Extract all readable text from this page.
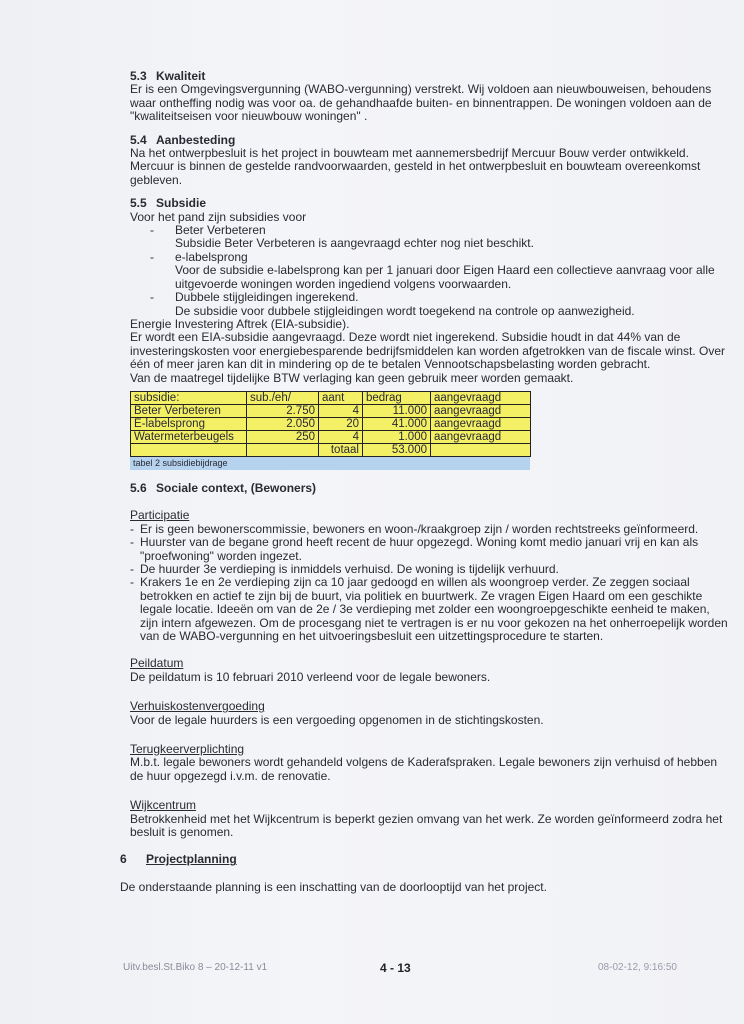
5.3 Kwaliteit
Er is een Omgevingsvergunning (WABO-vergunning) verstrekt. Wij voldoen aan nieuwbouweisen, behoudens waar ontheffing nodig was voor oa. de gehandhaafde buiten- en binnentrappen. De woningen voldoen aan de "kwaliteitseisen voor nieuwbouw woningen" .
5.4 Aanbesteding
Na het ontwerpbesluit is het project in bouwteam met aannemersbedrijf Mercuur Bouw verder ontwikkeld. Mercuur is binnen de gestelde randvoorwaarden, gesteld in het ontwerpbesluit en bouwteam overeenkomst gebleven.
5.5 Subsidie
Voor het pand zijn subsidies voor
- Beter Verbeteren
Subsidie Beter Verbeteren is aangevraagd echter nog niet beschikt.
- e-labelsprong
Voor de subsidie e-labelsprong kan per 1 januari door Eigen Haard een collectieve aanvraag voor alle uitgevoerde woningen worden ingediend volgens voorwaarden.
- Dubbele stijgleidingen ingerekend.
De subsidie voor dubbele stijgleidingen wordt toegekend na controle op aanwezigheid.
Energie Investering Aftrek (EIA-subsidie).
Er wordt een EIA-subsidie aangevraagd. Deze wordt niet ingerekend. Subsidie houdt in dat 44% van de investeringskosten voor energiebesparende bedrijfsmiddelen kan worden afgetrokken van de fiscale winst. Over één of meer jaren kan dit in mindering op de te betalen Vennootschapsbelasting worden gebracht.
Van de maatregel tijdelijke BTW verlaging kan geen gebruik meer worden gemaakt.
subsidie:	sub./eh/	aant	bedrag	aangevraagd
Beter Verbeteren	2.750	4	11.000	aangevraagd
E-labelsprong	2.050	20	41.000	aangevraagd
Watermeterbeugels	250	4	1.000	aangevraagd
		totaal	53.000	
tabel 2 subsidiebijdrage
5.6 Sociale context, (Bewoners)
Participatie
- Er is geen bewonerscommissie, bewoners en woon-/kraakgroep zijn / worden rechtstreeks geïnformeerd.
- Huurster van de begane grond heeft recent de huur opgezegd. Woning komt medio januari vrij en kan als "proefwoning" worden ingezet.
- De huurder 3e verdieping is inmiddels verhuisd. De woning is tijdelijk verhuurd.
- Krakers 1e en 2e verdieping zijn ca 10 jaar gedoogd en willen als woongroep verder. Ze zeggen sociaal betrokken en actief te zijn bij de buurt, via politiek en buurtwerk. Ze vragen Eigen Haard om een geschikte legale locatie. Ideeën om van de 2e / 3e verdieping met zolder een woongroepgeschikte eenheid te maken, zijn intern afgewezen. Om de procesgang niet te vertragen is er nu voor gekozen na het onherroepelijk worden van de WABO-vergunning en het uitvoeringsbesluit een uitzettingsprocedure te starten.
Peildatum
De peildatum is 10 februari 2010 verleend voor de legale bewoners.
Verhuiskostenvergoeding
Voor de legale huurders is een vergoeding opgenomen in de stichtingskosten.
Terugkeerverplichting
M.b.t. legale bewoners wordt gehandeld volgens de Kaderafspraken. Legale bewoners zijn verhuisd of hebben de huur opgezegd i.v.m. de renovatie.
Wijkcentrum
Betrokkenheid met het Wijkcentrum is beperkt gezien omvang van het werk. Ze worden geïnformeerd zodra het besluit is genomen.
6 Projectplanning
De onderstaande planning is een inschatting van de doorlooptijd van het project.
Uitv.besl.St.Biko 8 – 20-12-11 v1	4 - 13	08-02-12, 9:16:50
